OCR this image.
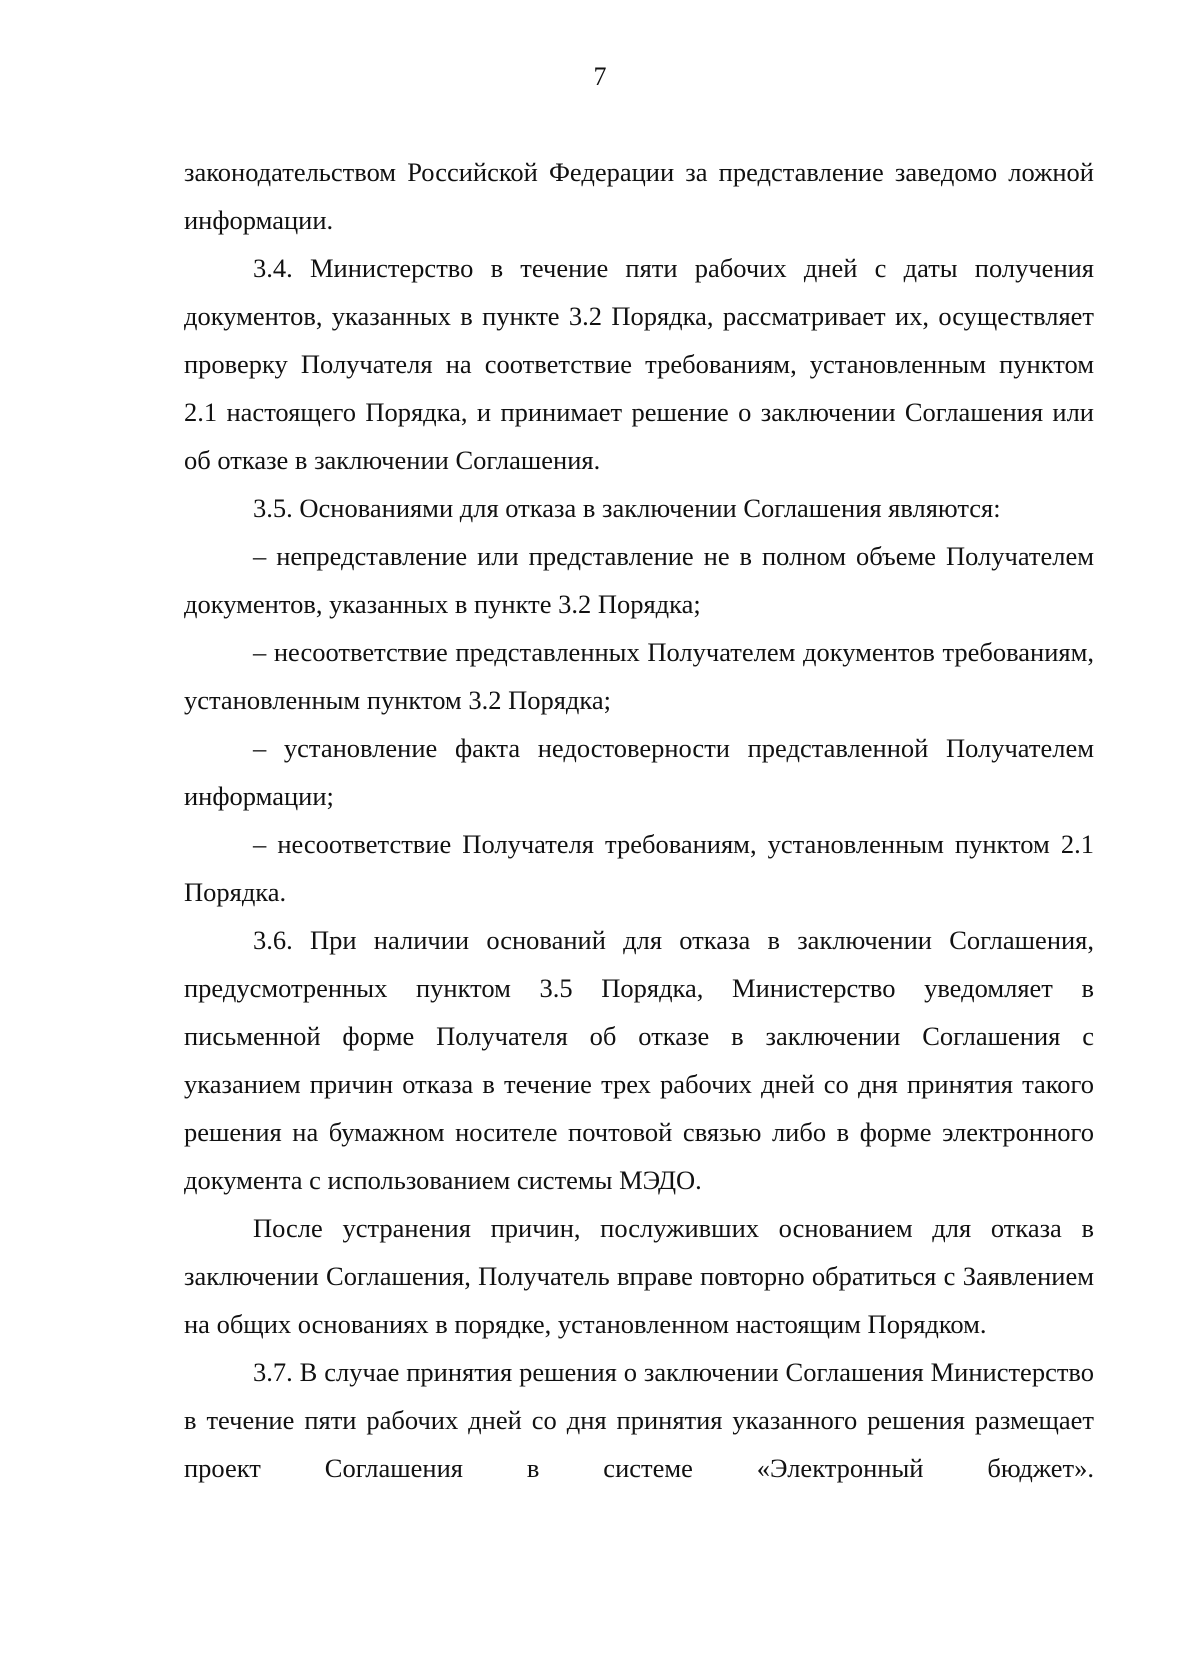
7

законодательством Российской Федерации за представление заведомо ложной информации.

3.4. Министерство в течение пяти рабочих дней с даты получения документов, указанных в пункте 3.2 Порядка, рассматривает их, осуществляет проверку Получателя на соответствие требованиям, установленным пунктом 2.1 настоящего Порядка, и принимает решение о заключении Соглашения или об отказе в заключении Соглашения.

3.5. Основаниями для отказа в заключении Соглашения являются:

– непредставление или представление не в полном объеме Получателем документов, указанных в пункте 3.2 Порядка;

– несоответствие представленных Получателем документов требованиям, установленным пунктом 3.2 Порядка;

– установление факта недостоверности представленной Получателем информации;

– несоответствие Получателя требованиям, установленным пунктом 2.1 Порядка.

3.6. При наличии оснований для отказа в заключении Соглашения, предусмотренных пунктом 3.5 Порядка, Министерство уведомляет в письменной форме Получателя об отказе в заключении Соглашения с указанием причин отказа в течение трех рабочих дней со дня принятия такого решения на бумажном носителе почтовой связью либо в форме электронного документа с использованием системы МЭДО.

После устранения причин, послуживших основанием для отказа в заключении Соглашения, Получатель вправе повторно обратиться с Заявлением на общих основаниях в порядке, установленном настоящим Порядком.

3.7. В случае принятия решения о заключении Соглашения Министерство в течение пяти рабочих дней со дня принятия указанного решения размещает проект Соглашения в системе «Электронный бюджет».
